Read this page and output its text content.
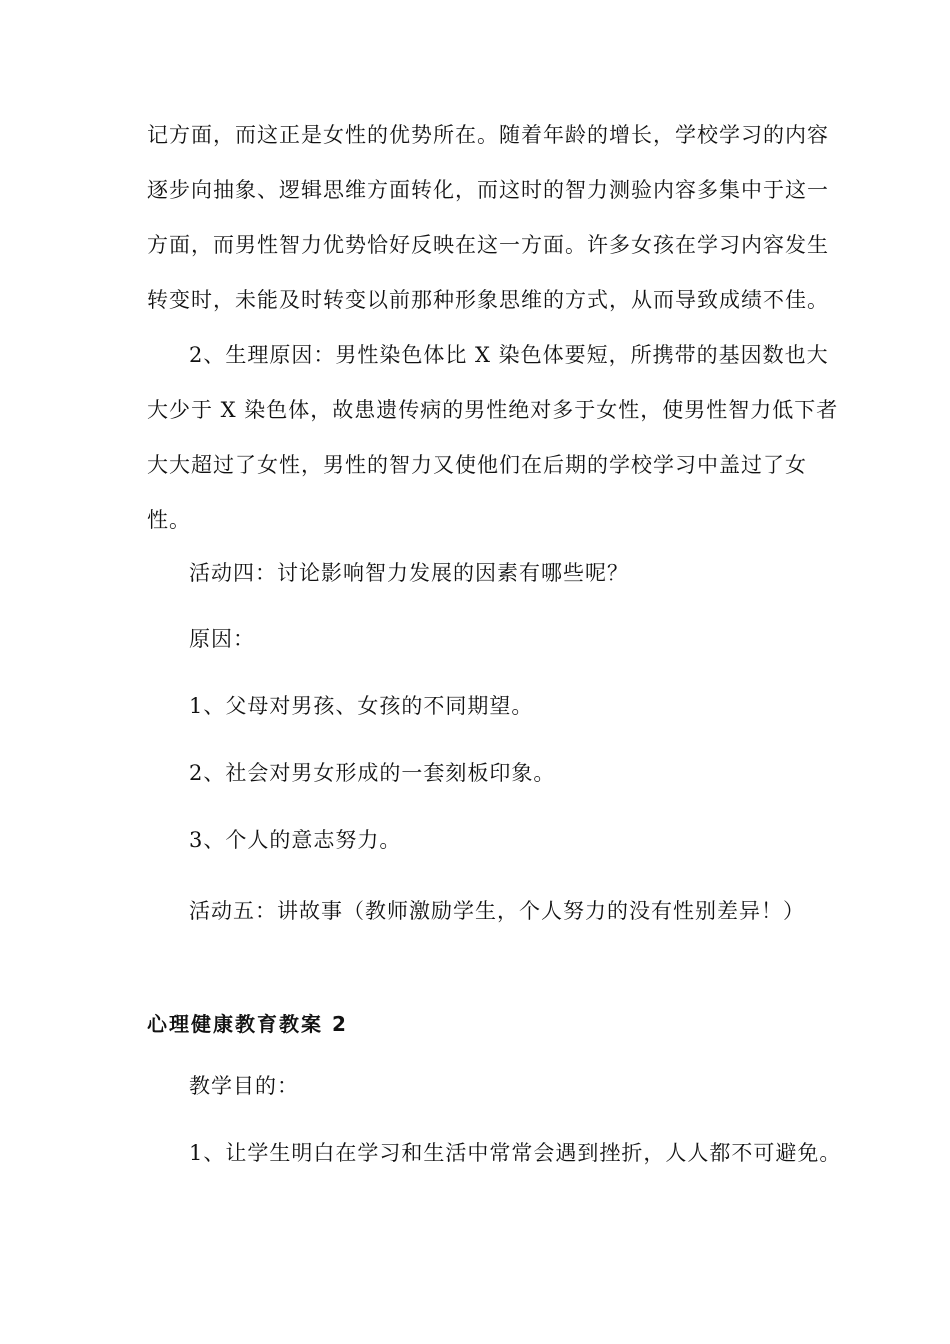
记方面，而这正是女性的优势所在。随着年龄的增长，学校学习的内容
逐步向抽象、逻辑思维方面转化，而这时的智力测验内容多集中于这一
方面，而男性智力优势恰好反映在这一方面。许多女孩在学习内容发生
转变时，未能及时转变以前那种形象思维的方式，从而导致成绩不佳。
2、生理原因：男性染色体比 X 染色体要短，所携带的基因数也大
大少于 X 染色体，故患遗传病的男性绝对多于女性，使男性智力低下者
大大超过了女性，男性的智力又使他们在后期的学校学习中盖过了女
性。
活动四：讨论影响智力发展的因素有哪些呢？
原因：
1、父母对男孩、女孩的不同期望。
2、社会对男女形成的一套刻板印象。
3、个人的意志努力。
活动五：讲故事（教师激励学生，个人努力的没有性别差异！）
心理健康教育教案 2
教学目的：
1、让学生明白在学习和生活中常常会遇到挫折，人人都不可避免。
